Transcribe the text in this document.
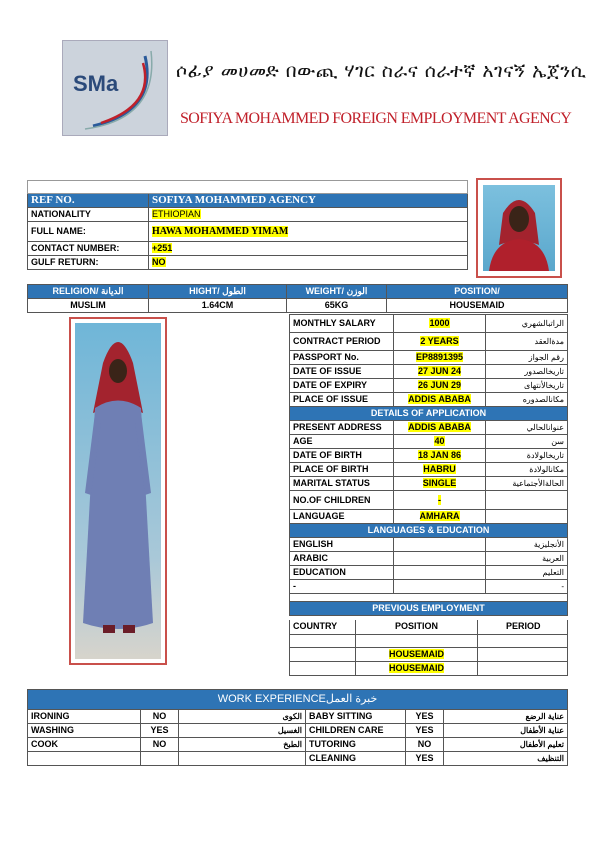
SMa	ሶፊያ መሀመድ በውጪ ሃገር ስራና ሰራተኛ አገናኝ ኤጀንሲ
SOFIYA MOHAMMED FOREIGN EMPLOYMENT AGENCY

REF NO.	SOFIYA MOHAMMED AGENCY
NATIONALITY	ETHIOPIAN
FULL NAME:	HAWA MOHAMMED YIMAM
CONTACT NUMBER:	+251
GULF RETURN:	NO
RELIGION/ الديانة	HIGHT/ الطول	WEIGHT/ الوزن	POSITION/
MUSLIM	1.64CM	65KG	HOUSEMAID
MONTHLY SALARY	1000	الراتبالشهري
CONTRACT PERIOD	2 YEARS	مدةالعقد
PASSPORT No.	EP8891395	رقم الجواز
DATE OF ISSUE	27 JUN 24	تاريخالصدور
DATE OF EXPIRY	26 JUN 29	تاريخالأنتهاى
PLACE OF ISSUE	ADDIS ABABA	مكانالصدوره
DETAILS OF APPLICATION		
PRESENT ADDRESS	ADDIS ABABA	عنوانالحالي
AGE	40	سن
DATE OF BIRTH	18 JAN 86	تاريخالولادة
PLACE OF BIRTH	HABRU	مكانالولادة
MARITAL STATUS	SINGLE	الحالةالأجتماعية
NO.OF CHILDREN	-	
LANGUAGE	AMHARA	
LANGUAGES & EDUCATION		
ENGLISH		الأنجليزية
ARABIC		العربية
EDUCATION		التعليم
-		-

PREVIOUS EMPLOYMENT		
COUNTRY	POSITION	PERIOD

	HOUSEMAID	
	HOUSEMAID	

WORK EXPERIENCEخبرة العمل					
IRONING	NO	الكوى	BABY SITTING	YES	عناية الرضع
WASHING	YES	الغسيل	CHILDREN CARE	YES	عناية الأطفال
COOK	NO	الطبخ	TUTORING	NO	تعليم الأطفال
			CLEANING	YES	التنظيف
